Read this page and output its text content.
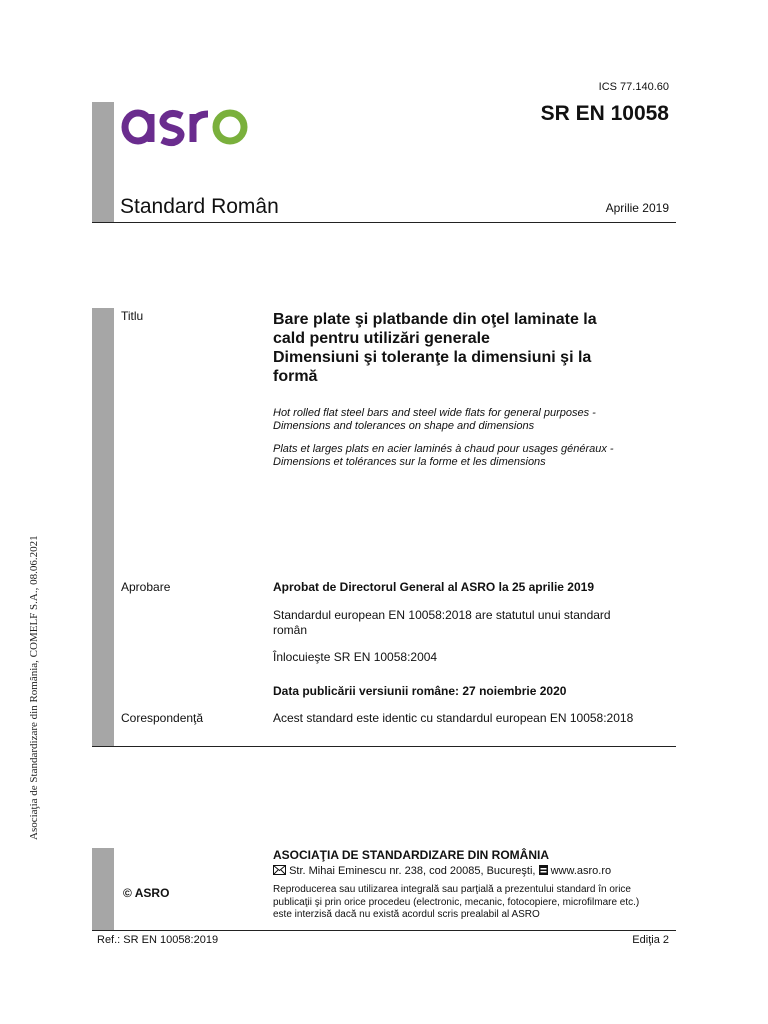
ICS 77.140.60
SR EN 10058
Standard Român	Aprilie 2019
Titlu	Bare plate şi platbande din oţel laminate la
cald pentru utilizări generale
Dimensiuni şi toleranţe la dimensiuni şi la
formă
Hot rolled flat steel bars and steel wide flats for general purposes -
Dimensions and tolerances on shape and dimensions
Plats et larges plats en acier laminés à chaud pour usages généraux -
Dimensions et tolérances sur la forme et les dimensions
Aprobare	Aprobat de Directorul General al ASRO la 25 aprilie 2019
Standardul european EN 10058:2018 are statutul unui standard
român
Înlocuieşte SR EN 10058:2004
Data publicării versiunii române: 27 noiembrie 2020
Corespondenţă	Acest standard este identic cu standardul european EN 10058:2018
© ASRO
ASOCIAŢIA DE STANDARDIZARE DIN ROMÂNIA
Str. Mihai Eminescu nr. 238, cod 20085, Bucureşti, www.asro.ro
Reproducerea sau utilizarea integrală sau parţială a prezentului standard în orice
publicaţii şi prin orice procedeu (electronic, mecanic, fotocopiere, microfilmare etc.)
este interzisă dacă nu există acordul scris prealabil al ASRO
Ref.: SR EN 10058:2019	Ediţia 2
Asociaţia de Standardizare din România, COMELF S.A., 08.06.2021
